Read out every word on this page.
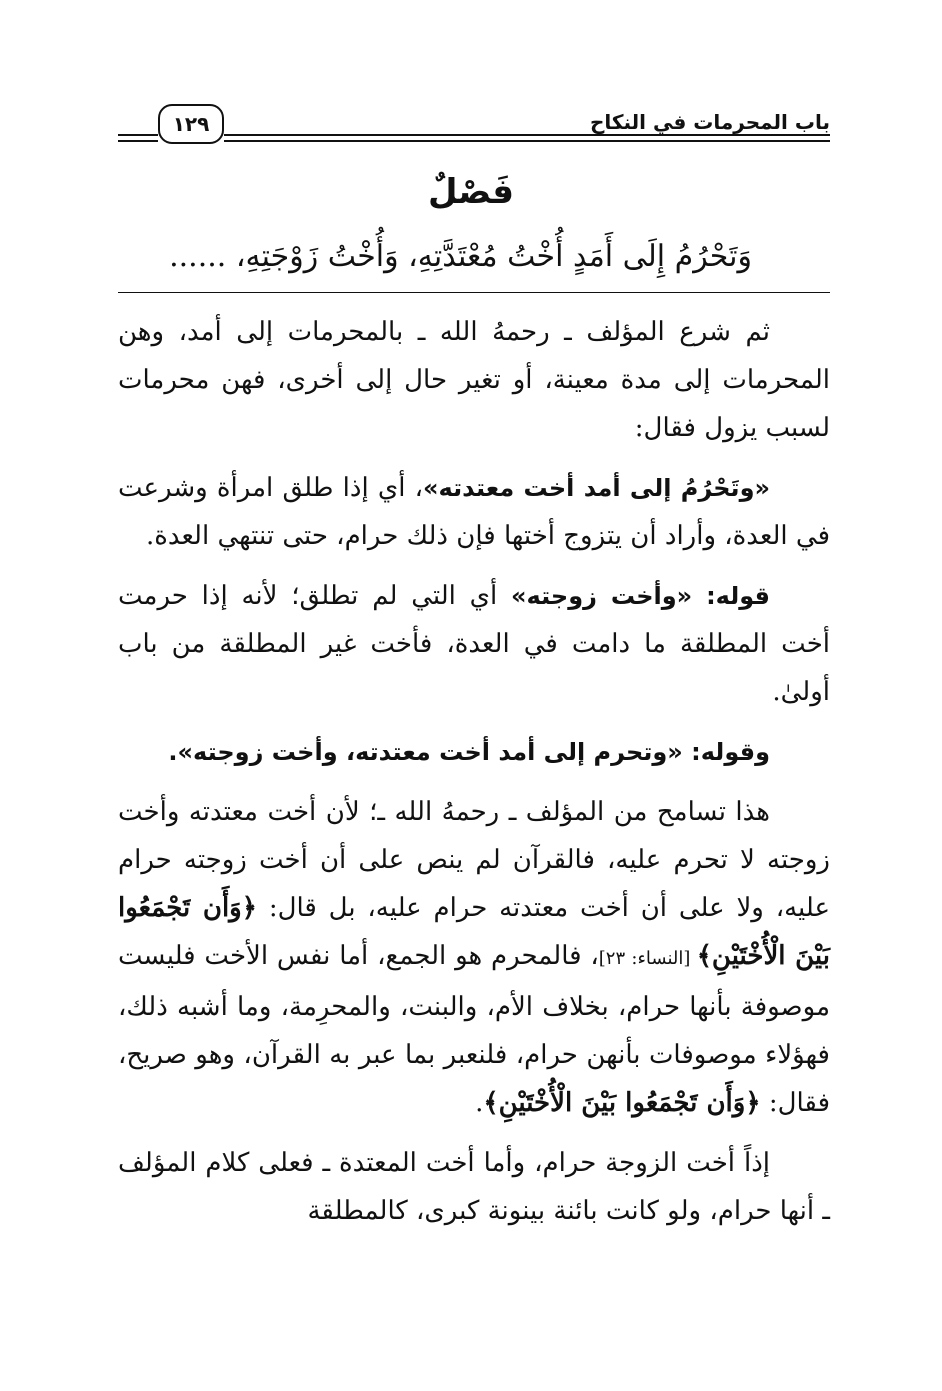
١٢٩	باب المحرمات في النكاح
فَصْلٌ
وَتَحْرُمُ إِلَى أَمَدٍ أُخْتُ مُعْتَدَّتِهِ، وَأُخْتُ زَوْجَتِهِ، ......

ثم شرع المؤلف ـ رحمهُ الله ـ بالمحرمات إلى أمد، وهن المحرمات إلى مدة معينة، أو تغير حال إلى أخرى، فهن محرمات لسبب يزول فقال:

«وتَحْرُمُ إلى أمد أخت معتدته»، أي إذا طلق امرأة وشرعت في العدة، وأراد أن يتزوج أختها فإن ذلك حرام، حتى تنتهي العدة.

قوله: «وأخت زوجته» أي التي لم تطلق؛ لأنه إذا حرمت أخت المطلقة ما دامت في العدة، فأخت غير المطلقة من باب أولىٰ.

وقوله: «وتحرم إلى أمد أخت معتدته، وأخت زوجته».

هذا تسامح من المؤلف ـ رحمهُ الله ـ؛ لأن أخت معتدته وأخت زوجته لا تحرم عليه، فالقرآن لم ينص على أن أخت زوجته حرام عليه، ولا على أن أخت معتدته حرام عليه، بل قال: ﴿وَأَن تَجْمَعُوا بَيْنَ الْأُخْتَيْنِ﴾ [النساء: ٢٣]، فالمحرم هو الجمع، أما نفس الأخت فليست موصوفة بأنها حرام، بخلاف الأم، والبنت، والمحرِمة، وما أشبه ذلك، فهؤلاء موصوفات بأنهن حرام، فلنعبر بما عبر به القرآن، وهو صريح، فقال: ﴿وَأَن تَجْمَعُوا بَيْنَ الْأُخْتَيْنِ﴾.

إذاً أخت الزوجة حرام، وأما أخت المعتدة ـ فعلى كلام المؤلف ـ أنها حرام، ولو كانت بائنة بينونة كبرى، كالمطلقة
